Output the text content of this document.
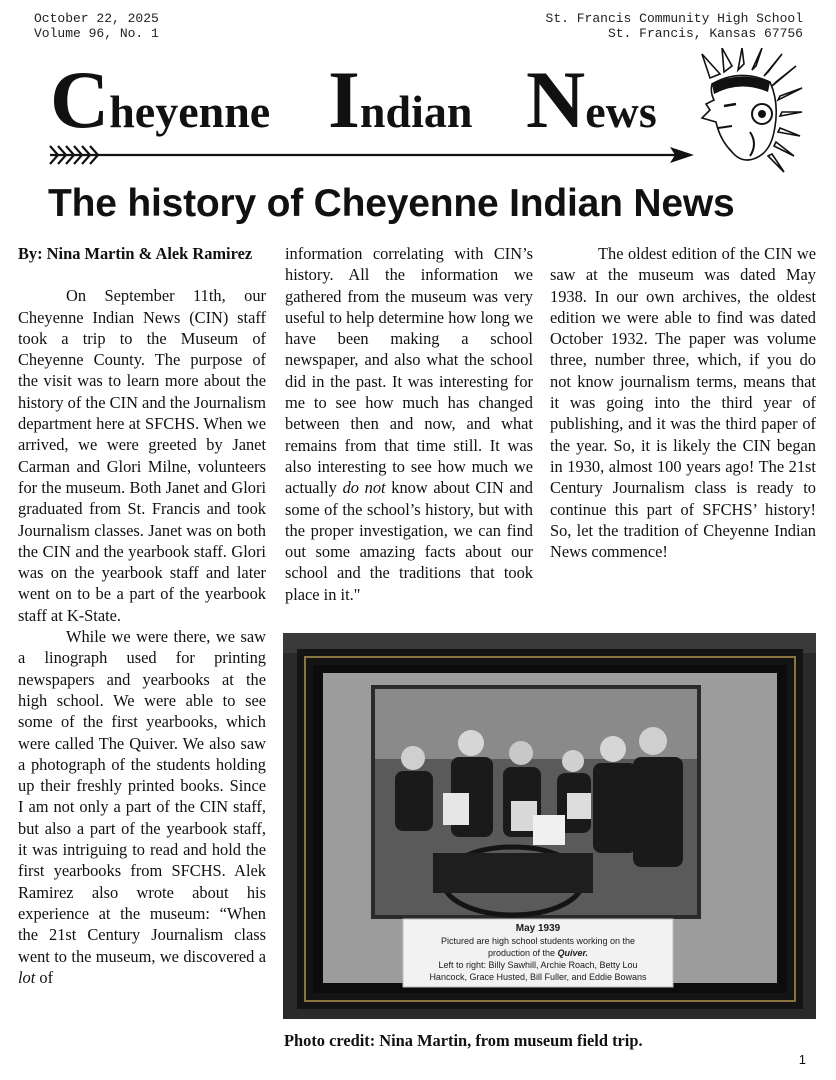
October 22, 2025
Volume 96, No. 1
St. Francis Community High School
St. Francis, Kansas 67756
Cheyenne Indian News
The history of Cheyenne Indian News

By: Nina Martin & Alek Ramirez

On September 11th, our Cheyenne Indian News (CIN) staff took a trip to the Museum of Cheyenne County. The purpose of the visit was to learn more about the history of the CIN and the Journalism department here at SFCHS. When we arrived, we were greeted by Janet Carman and Glori Milne, volunteers for the museum. Both Janet and Glori graduated from St. Francis and took Journalism classes. Janet was on both the CIN and the yearbook staff. Glori was on the yearbook staff and later went on to be a part of the yearbook staff at K-State.

While we were there, we saw a linograph used for printing newspapers and yearbooks at the high school. We were able to see some of the first yearbooks, which were called The Quiver. We also saw a photograph of the students holding up their freshly printed books. Since I am not only a part of the CIN staff, but also a part of the yearbook staff, it was intriguing to read and hold the first yearbooks from SFCHS. Alek Ramirez also wrote about his experience at the museum: “When the 21st Century Journalism class went to the museum, we discovered a lot of

information correlating with CIN’s history. All the information we gathered from the museum was very useful to help determine how long we have been making a school newspaper, and also what the school did in the past. It was interesting for me to see how much has changed between then and now, and what remains from that time still. It was also interesting to see how much we actually do not know about CIN and some of the school’s history, but with the proper investigation, we can find out some amazing facts about our school and the traditions that took place in it."

The oldest edition of the CIN we saw at the museum was dated May 1938. In our own archives, the oldest edition we were able to find was dated October 1932. The paper was volume three, number three, which, if you do not know journalism terms, means that it was going into the third year of publishing, and it was the third paper of the year. So, it is likely the CIN began in 1930, almost 100 years ago! The 21st Century Journalism class is ready to continue this part of SFCHS’ history! So, let the tradition of Cheyenne Indian News commence!

May 1939
Pictured are high school students working on the
production of the Quiver.
Left to right: Billy Sawhill, Archie Roach, Betty Lou
Hancock, Grace Husted, Bill Fuller, and Eddie Bowans
Photo credit: Nina Martin, from museum field trip.
1
